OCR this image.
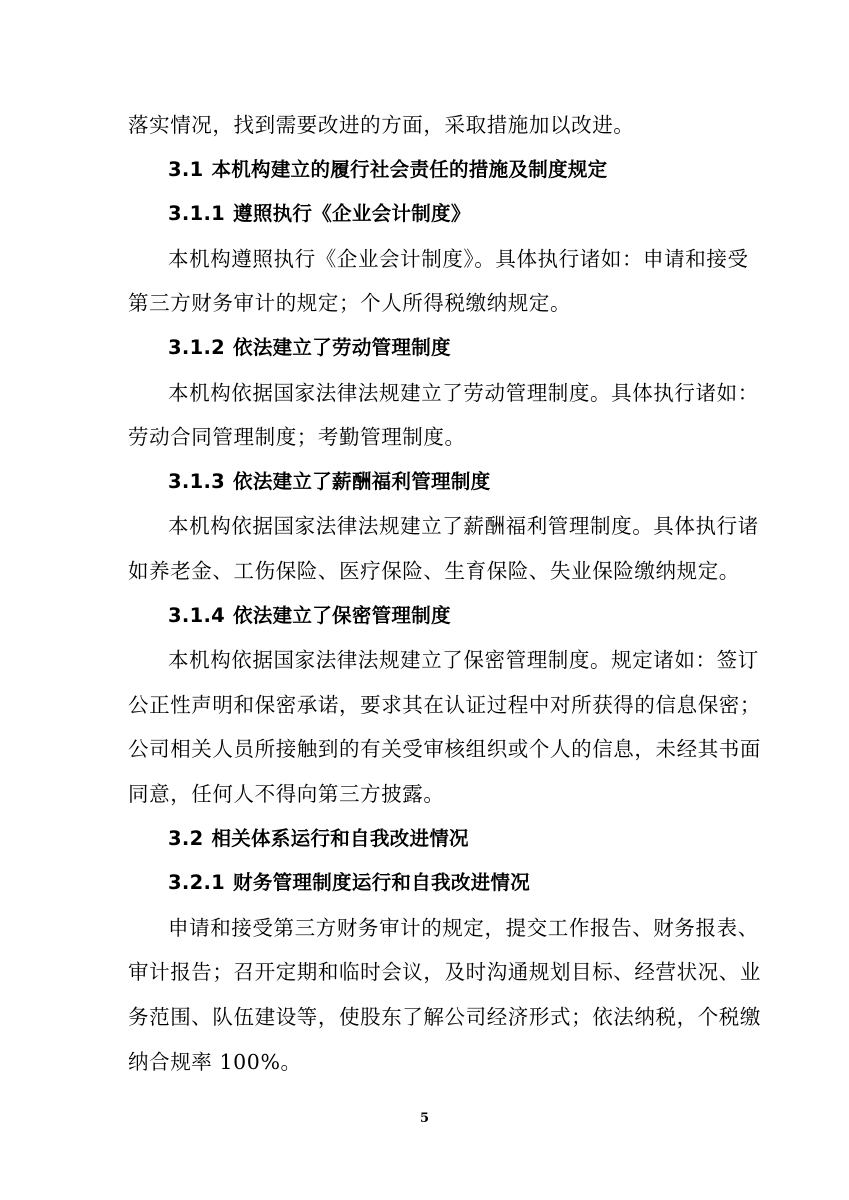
落实情况，找到需要改进的方面，采取措施加以改进。
3.1 本机构建立的履行社会责任的措施及制度规定
3.1.1 遵照执行《企业会计制度》
本机构遵照执行《企业会计制度》。具体执行诸如：申请和接受
第三方财务审计的规定；个人所得税缴纳规定。
3.1.2 依法建立了劳动管理制度
本机构依据国家法律法规建立了劳动管理制度。具体执行诸如：
劳动合同管理制度；考勤管理制度。
3.1.3 依法建立了薪酬福利管理制度
本机构依据国家法律法规建立了薪酬福利管理制度。具体执行诸
如养老金、工伤保险、医疗保险、生育保险、失业保险缴纳规定。
3.1.4 依法建立了保密管理制度
本机构依据国家法律法规建立了保密管理制度。规定诸如：签订
公正性声明和保密承诺，要求其在认证过程中对所获得的信息保密；
公司相关人员所接触到的有关受审核组织或个人的信息，未经其书面
同意，任何人不得向第三方披露。
3.2 相关体系运行和自我改进情况
3.2.1 财务管理制度运行和自我改进情况
申请和接受第三方财务审计的规定，提交工作报告、财务报表、
审计报告；召开定期和临时会议，及时沟通规划目标、经营状况、业
务范围、队伍建设等，使股东了解公司经济形式；依法纳税，个税缴
纳合规率 100%。
5
